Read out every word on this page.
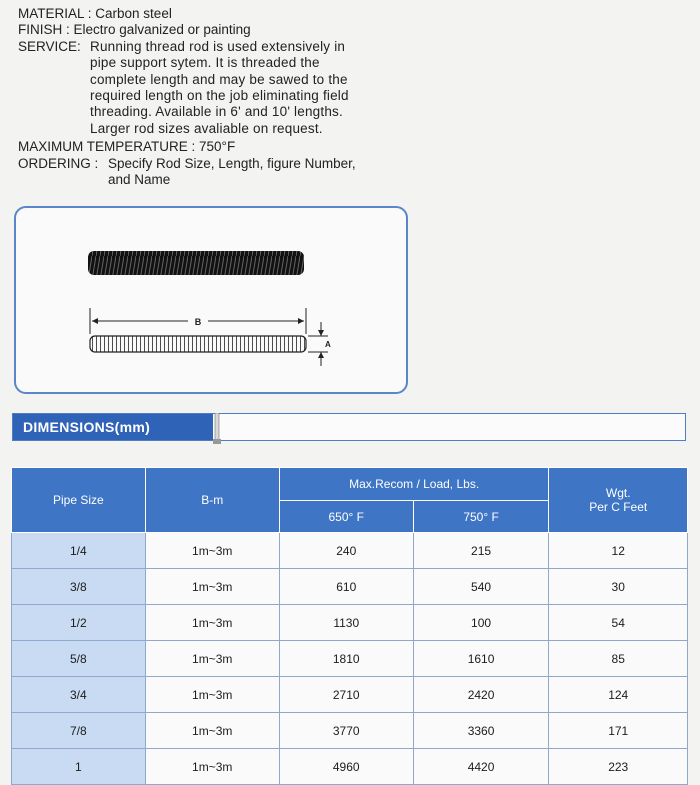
MATERIAL :
Carbon steel
FINISH :
Electro galvanized or painting
SERVICE: Running thread rod is used extensively in
pipe support sytem. It is threaded the
complete length and may be sawed to the
required length on the job eliminating field
threading. Available in 6' and 10' lengths.
Larger rod sizes avaliable on request.
MAXIMUM TEMPERATURE :
750°F
ORDERING : Specify Rod Size, Length, figure Number,
and Name
B
A
DIMENSIONS(mm)
Pipe Size	B-m	Max.Recom / Load, Lbs.		Wgt.
Per C Feet

		650° F	750° F	
1/4	1m~3m	240	215	12
3/8	1m~3m	610	540	30
1/2	1m~3m	1130	100	54
5/8	1m~3m	1810	1610	85
3/4	1m~3m	2710	2420	124
7/8	1m~3m	3770	3360	171
1	1m~3m	4960	4420	223
